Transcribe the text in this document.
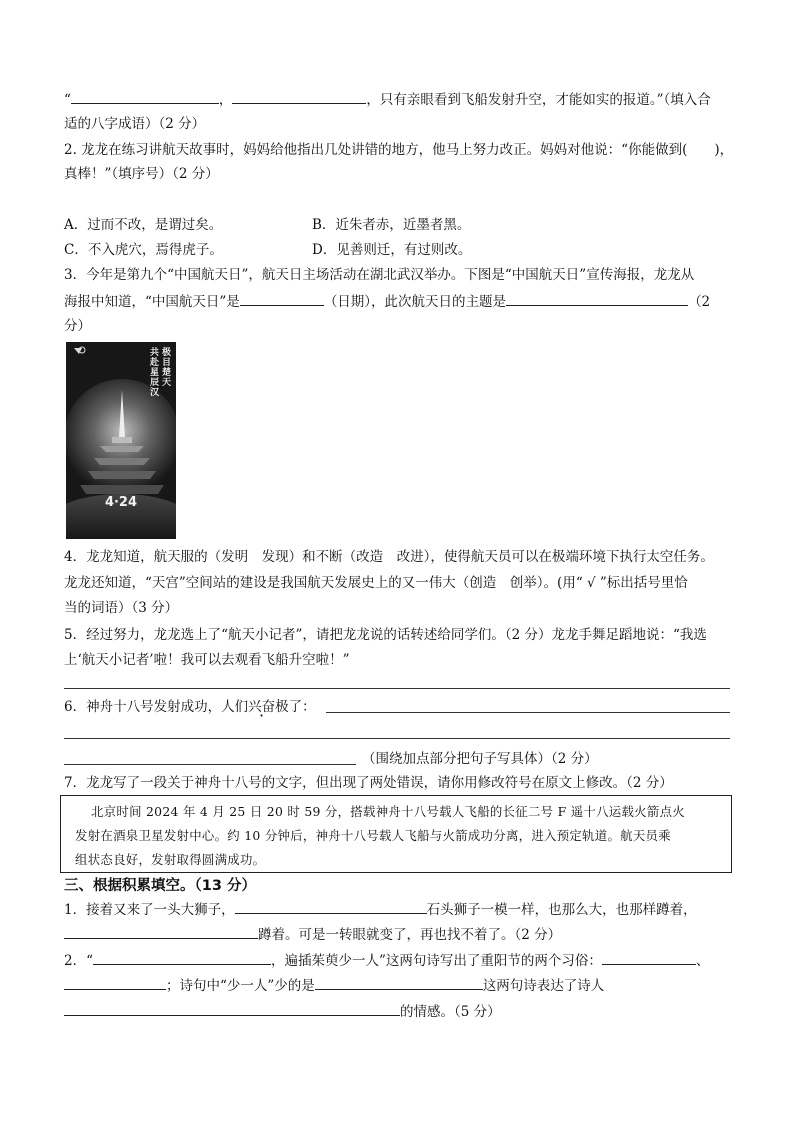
“	，	，只有亲眼看到飞船发射升空，才能如实的报道。”（填入合
适的八字成语）（2 分）
2. 龙龙在练习讲航天故事时，妈妈给他指出几处讲错的地方，他马上努力改正。妈妈对他说：“你能做到(　　)，
真棒！”（填序号）（2 分）
A．过而不改，是谓过矣。	B．近朱者赤，近墨者黑。
C．不入虎穴，焉得虎子。	D．见善则迁，有过则改。
3．今年是第九个“中国航天日”，航天日主场活动在湖北武汉举办。下图是“中国航天日”宣传海报，龙龙从
海报中知道，“中国航天日”是	（日期），此次航天日的主题是	（2
分）
极目楚天
共赴星辰
汉
4·24
4．龙龙知道，航天服的（发明　发现）和不断（改造　改进），使得航天员可以在极端环境下执行太空任务。
龙龙还知道，“天宫”空间站的建设是我国航天发展史上的又一伟大（创造　创举）。(用“ √ ”标出括号里恰
当的词语）（3 分）
5．经过努力，龙龙选上了“航天小记者”，请把龙龙说的话转述给同学们。（2 分）龙龙手舞足蹈地说：“我选
上‘航天小记者’啦！我可以去观看飞船升空啦！”
6．神舟十八号发射成功，人们兴奋极了 ·：
（围绕加点部分把句子写具体）（2 分）
7．龙龙写了一段关于神舟十八号的文字，但出现了两处错误，请你用修改符号在原文上修改。（2 分）
北京时间 2024 年 4 月 25 日 20 时 59 分，搭载神舟十八号载人飞船的长征二号 F 遥十八运载火箭点火
发射在酒泉卫星发射中心。约 10 分钟后，神舟十八号载人飞船与火箭成功分离，进入预定轨道。航天员乘
组状态良好，发射取得圆满成功。
三、根据积累填空。（13 分）
1．接着又来了一头大狮子，	石头狮子一模一样，也那么大，也那样蹲着，
蹲着。可是一转眼就变了，再也找不着了。（2 分）
2．“	，遍插茱萸少一人”这两句诗写出了重阳节的两个习俗：	、
；诗句中“少一人”少的是	这两句诗表达了诗人
的情感。（5 分）
